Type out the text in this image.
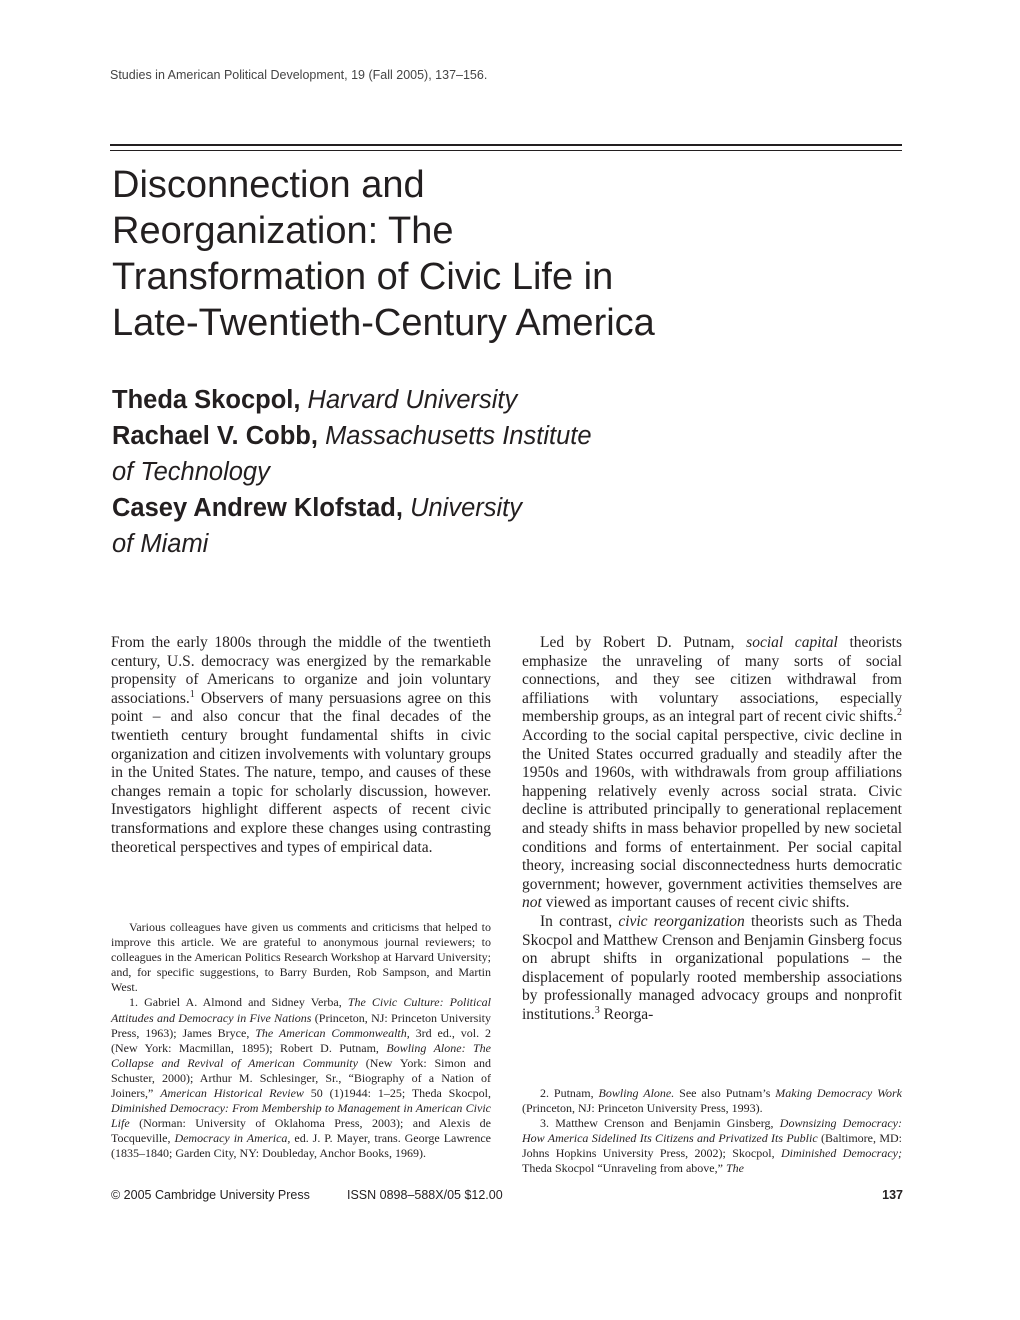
Studies in American Political Development, 19 (Fall 2005), 137–156.
Disconnection and
Reorganization: The
Transformation of Civic Life in
Late-Twentieth-Century America
Theda Skocpol, Harvard University
Rachael V. Cobb, Massachusetts Institute
of Technology
Casey Andrew Klofstad, University
of Miami

From the early 1800s through the middle of the twentieth century, U.S. democracy was energized by the remarkable propensity of Americans to organize and join voluntary associations.$^1$ Observers of many persuasions agree on this point – and also concur that the final decades of the twentieth century brought fundamental shifts in civic organization and citizen involvements with voluntary groups in the United States. The nature, tempo, and causes of these changes remain a topic for scholarly discussion, however. Investigators highlight different aspects of recent civic transformations and explore these changes using contrasting theoretical perspectives and types of empirical data.

Led by Robert D. Putnam, social capital theorists emphasize the unraveling of many sorts of social connections, and they see citizen withdrawal from affiliations with voluntary associations, especially membership groups, as an integral part of recent civic shifts.$^2$ According to the social capital perspective, civic decline in the United States occurred gradually and steadily after the 1950s and 1960s, with withdrawals from group affiliations happening relatively evenly across social strata. Civic decline is attributed principally to generational replacement and steady shifts in mass behavior propelled by new societal conditions and forms of entertainment. Per social capital theory, increasing social disconnectedness hurts democratic government; however, government activities themselves are not viewed as important causes of recent civic shifts.

In contrast, civic reorganization theorists such as Theda Skocpol and Matthew Crenson and Benjamin Ginsberg focus on abrupt shifts in organizational populations – the displacement of popularly rooted membership associations by professionally managed advocacy groups and nonprofit institutions.$^3$ Reorga-

Various colleagues have given us comments and criticisms that helped to improve this article. We are grateful to anonymous journal reviewers; to colleagues in the American Politics Research Workshop at Harvard University; and, for specific suggestions, to Barry Burden, Rob Sampson, and Martin West.

1. Gabriel A. Almond and Sidney Verba, The Civic Culture: Political Attitudes and Democracy in Five Nations (Princeton, NJ: Princeton University Press, 1963); James Bryce, The American Commonwealth, 3rd ed., vol. 2 (New York: Macmillan, 1895); Robert D. Putnam, Bowling Alone: The Collapse and Revival of American Community (New York: Simon and Schuster, 2000); Arthur M. Schlesinger, Sr., “Biography of a Nation of Joiners,” American Historical Review 50 (1)1944: 1–25; Theda Skocpol, Diminished Democracy: From Membership to Management in American Civic Life (Norman: University of Oklahoma Press, 2003); and Alexis de Tocqueville, Democracy in America, ed. J. P. Mayer, trans. George Lawrence (1835–1840; Garden City, NY: Doubleday, Anchor Books, 1969).

2. Putnam, Bowling Alone. See also Putnam’s Making Democracy Work (Princeton, NJ: Princeton University Press, 1993).

3. Matthew Crenson and Benjamin Ginsberg, Downsizing Democracy: How America Sidelined Its Citizens and Privatized Its Public (Baltimore, MD: Johns Hopkins University Press, 2002); Skocpol, Diminished Democracy; Theda Skocpol “Unraveling from above,” The

© 2005 Cambridge University Press	ISSN 0898–588X/05 $12.00	137
